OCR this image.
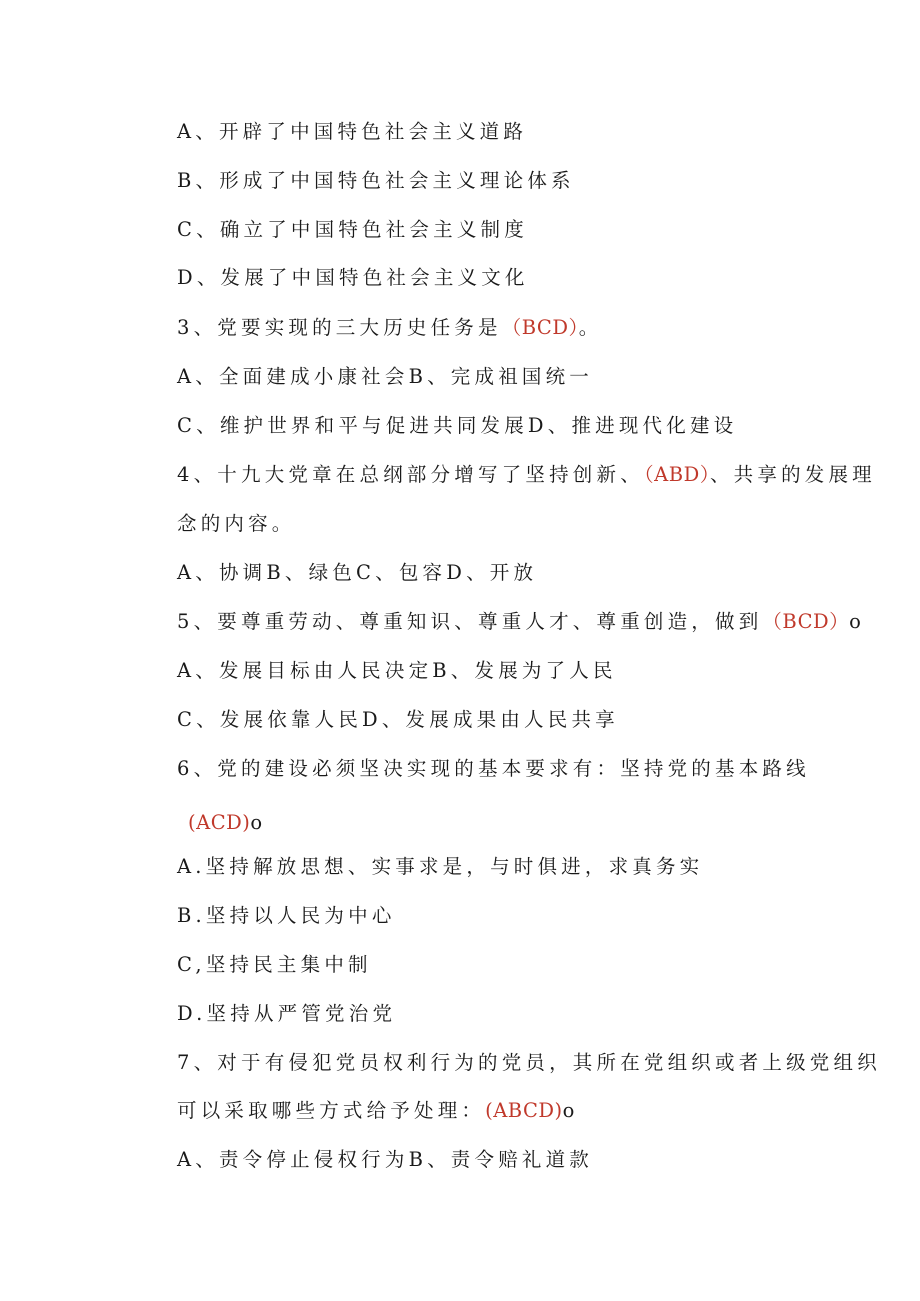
A、开辟了中国特色社会主义道路
B、形成了中国特色社会主义理论体系
C、确立了中国特色社会主义制度
D、发展了中国特色社会主义文化
3、党要实现的三大历史任务是（BCD）。
A、全面建成小康社会B、完成祖国统一
C、维护世界和平与促进共同发展D、推进现代化建设
4、十九大党章在总纲部分增写了坚持创新、（ABD）、共享的发展理
念的内容。
A、协调B、绿色C、包容D、开放
5、要尊重劳动、尊重知识、尊重人才、尊重创造，做到（BCD）o
A、发展目标由人民决定B、发展为了人民
C、发展依靠人民D、发展成果由人民共享
6、党的建设必须坚决实现的基本要求有：坚持党的基本路线
(ACD)o
A.坚持解放思想、实事求是，与时俱进，求真务实
B.坚持以人民为中心
C,坚持民主集中制
D.坚持从严管党治党
7、对于有侵犯党员权利行为的党员，其所在党组织或者上级党组织
可以采取哪些方式给予处理：(ABCD)o
A、责令停止侵权行为B、责令赔礼道款
